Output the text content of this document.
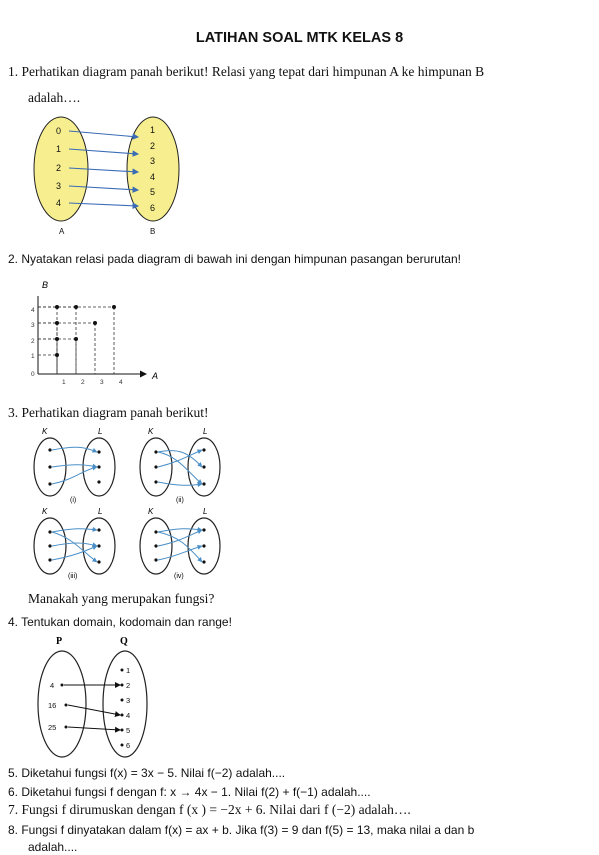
LATIHAN SOAL MTK KELAS 8
1. Perhatikan diagram panah berikut! Relasi yang tepat dari himpunan A ke himpunan B
adalah….
0
1
2
3
4
1
2
3
4
5
6
A	B
2. Nyatakan relasi pada diagram di bawah ini dengan himpunan pasangan berurutan!
B
A
0
1
2
3
4
1 2 3 4
3. Perhatikan diagram panah berikut!
K	L
(i)
K	L
(ii)
K	L
(iii)
K	L
(iv)
Manakah yang merupakan fungsi?
4. Tentukan domain, kodomain dan range!
P	Q
4
16
25
1
2
3
4
5
6
5. Diketahui fungsi f(x) = 3x − 5. Nilai f(−2) adalah....
6. Diketahui fungsi f dengan f: x → 4x − 1. Nilai f(2) + f(−1) adalah....
7. Fungsi f dirumuskan dengan f (x ) = −2x + 6. Nilai dari f (−2) adalah….
8. Fungsi f dinyatakan dalam f(x) = ax + b. Jika f(3) = 9 dan f(5) = 13, maka nilai a dan b
adalah....
